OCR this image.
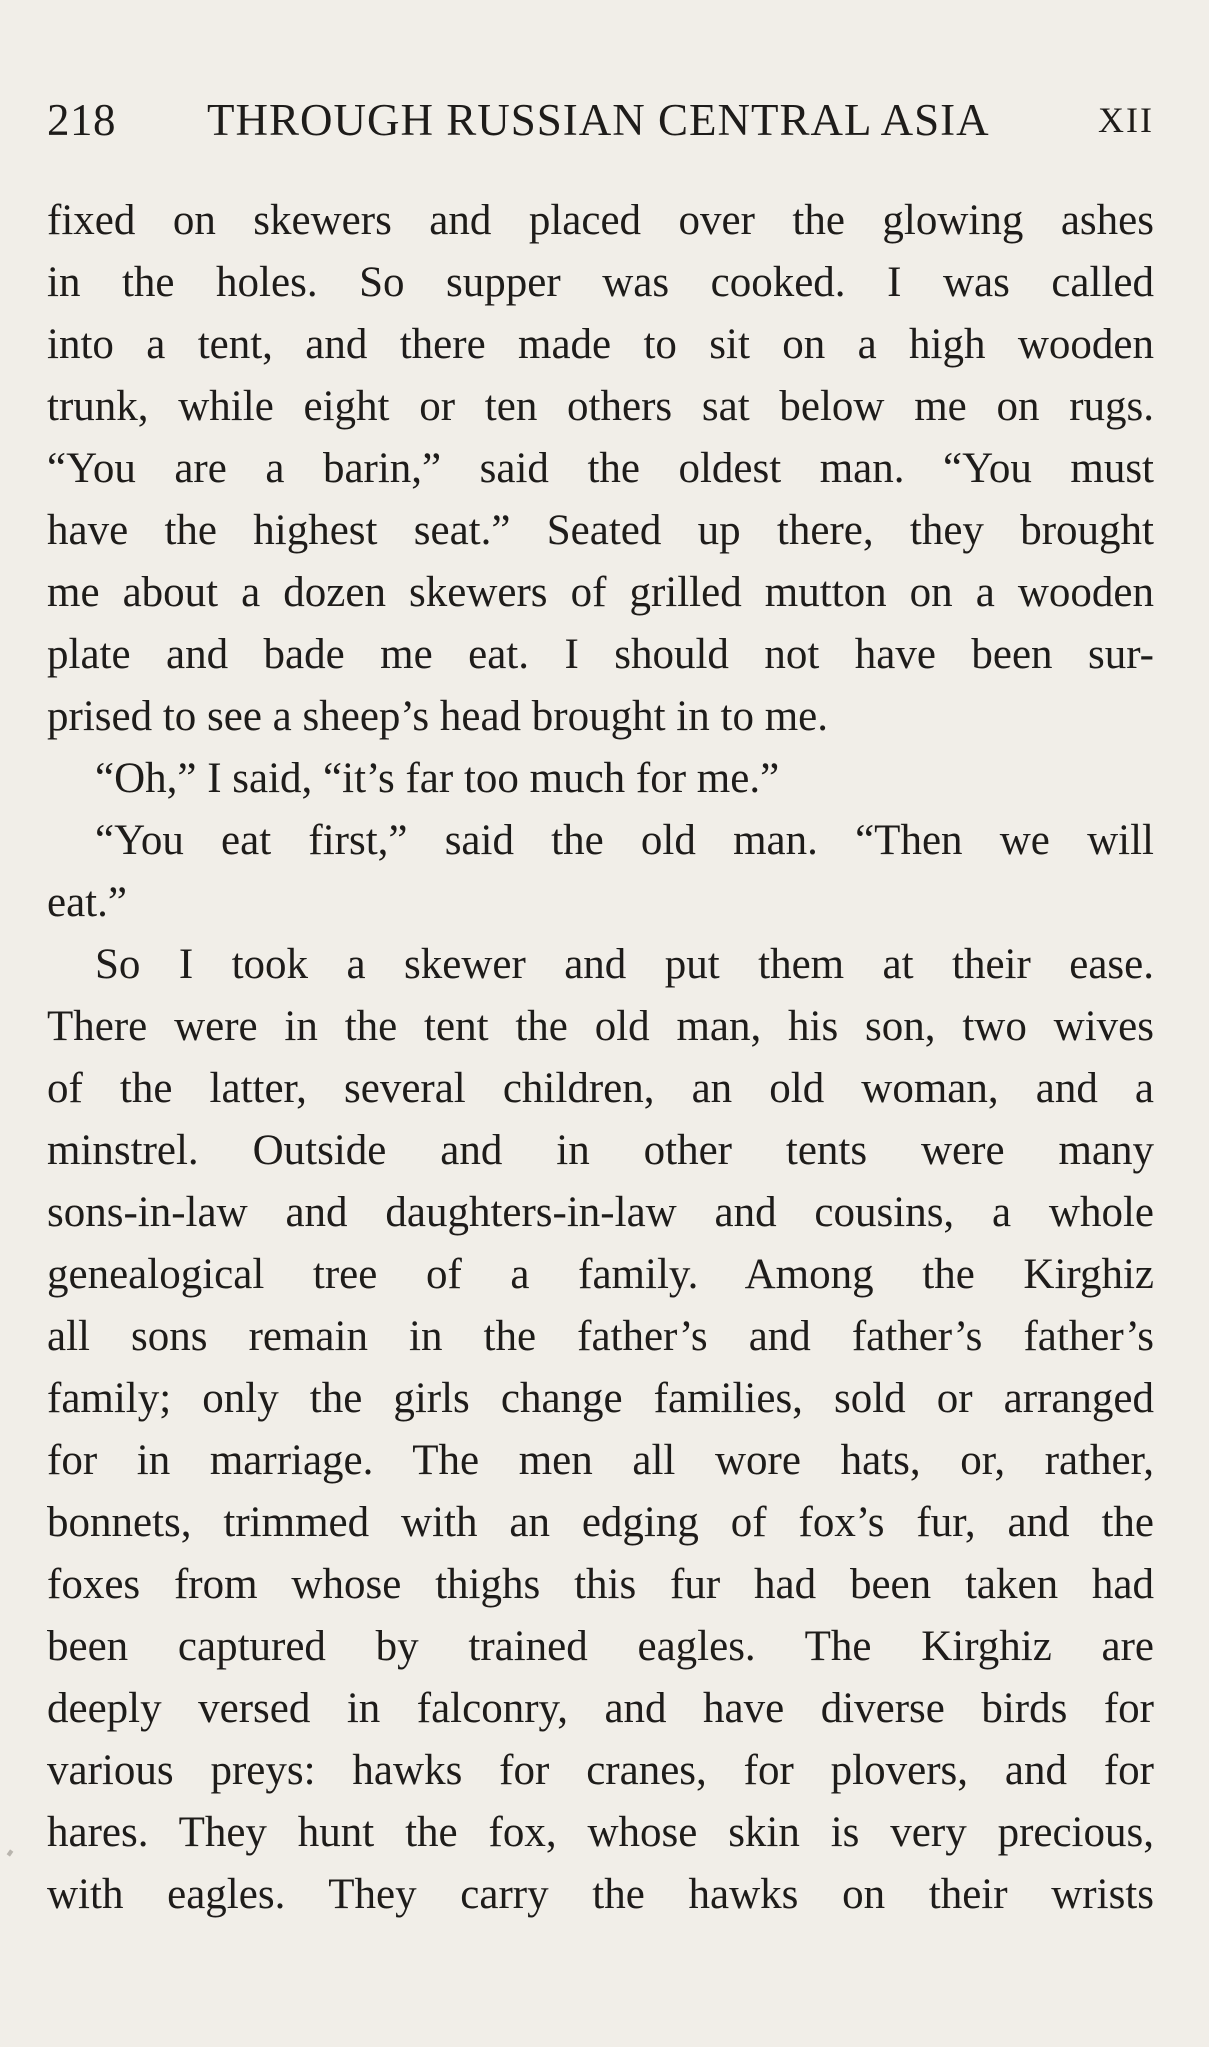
218 THROUGH RUSSIAN CENTRAL ASIA	XII
fixed on skewers and placed over the glowing ashes
in the holes. So supper was cooked. I was called
into a tent, and there made to sit on a high wooden
trunk, while eight or ten others sat below me on rugs.
“You are a barin,” said the oldest man. “You must
have the highest seat.” Seated up there, they brought
me about a dozen skewers of grilled mutton on a wooden
plate and bade me eat. I should not have been sur-
prised to see a sheep’s head brought in to me.
“Oh,” I said, “it’s far too much for me.”
“You eat first,” said the old man. “Then we will
eat.”
So I took a skewer and put them at their ease.
There were in the tent the old man, his son, two wives
of the latter, several children, an old woman, and a
minstrel. Outside and in other tents were many
sons-in-law and daughters-in-law and cousins, a whole
genealogical tree of a family. Among the Kirghiz
all sons remain in the father’s and father’s father’s
family; only the girls change families, sold or arranged
for in marriage. The men all wore hats, or, rather,
bonnets, trimmed with an edging of fox’s fur, and the
foxes from whose thighs this fur had been taken had
been captured by trained eagles. The Kirghiz are
deeply versed in falconry, and have diverse birds for
various preys: hawks for cranes, for plovers, and for
hares. They hunt the fox, whose skin is very precious,
with eagles. They carry the hawks on their wrists
